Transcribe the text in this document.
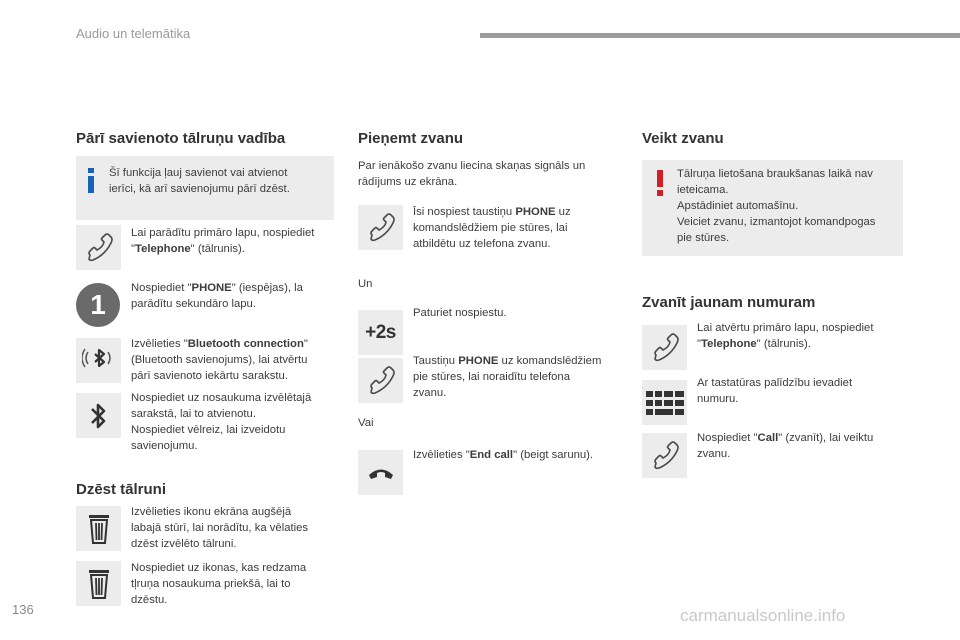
Audio un telemātika
Pārī savienoto tālruņu vadība
Šī funkcija ļauj savienot vai atvienot
ierīci, kā arī savienojumu pārī dzēst.
Lai parādītu primāro lapu, nospiediet
"Telephone" (tālrunis).
1
Nospiediet "PHONE" (iespējas), la
parādītu sekundāro lapu.
Izvēlieties "Bluetooth connection"
(Bluetooth savienojums), lai atvērtu
pārī savienoto iekārtu sarakstu.
Nospiediet uz nosaukuma izvēlētajā
sarakstā, lai to atvienotu.
Nospiediet vēlreiz, lai izveidotu
savienojumu.
Dzēst tālruni
Izvēlieties ikonu ekrāna augšējā
labajā stūrī, lai norādītu, ka vēlaties
dzēst izvēlēto tālruni.
Nospiediet uz ikonas, kas redzama
tļruņa nosaukuma priekšā, lai to
dzēstu.
Pieņemt zvanu
Par ienākošo zvanu liecina skaņas signāls un
rādījums uz ekrāna.
Īsi nospiest taustiņu PHONE uz
komandslēdžiem pie stūres, lai
atbildētu uz telefona zvanu.
Un
Paturiet nospiestu.
+2s
Taustiņu PHONE uz komandslēdžiem
pie stūres, lai noraidītu telefona
zvanu.
Vai
Izvēlieties "End call" (beigt sarunu).
Veikt zvanu
Tālruņa lietošana braukšanas laikā nav
ieteicama.
Apstādiniet automašīnu.
Veiciet zvanu, izmantojot komandpogas
pie stūres.
Zvanīt jaunam numuram
Lai atvērtu primāro lapu, nospiediet
"Telephone" (tālrunis).
Ar tastatūras palīdzību ievadiet
numuru.
Nospiediet "Call" (zvanīt), lai veiktu
zvanu.
136	carmanualsonline.info
